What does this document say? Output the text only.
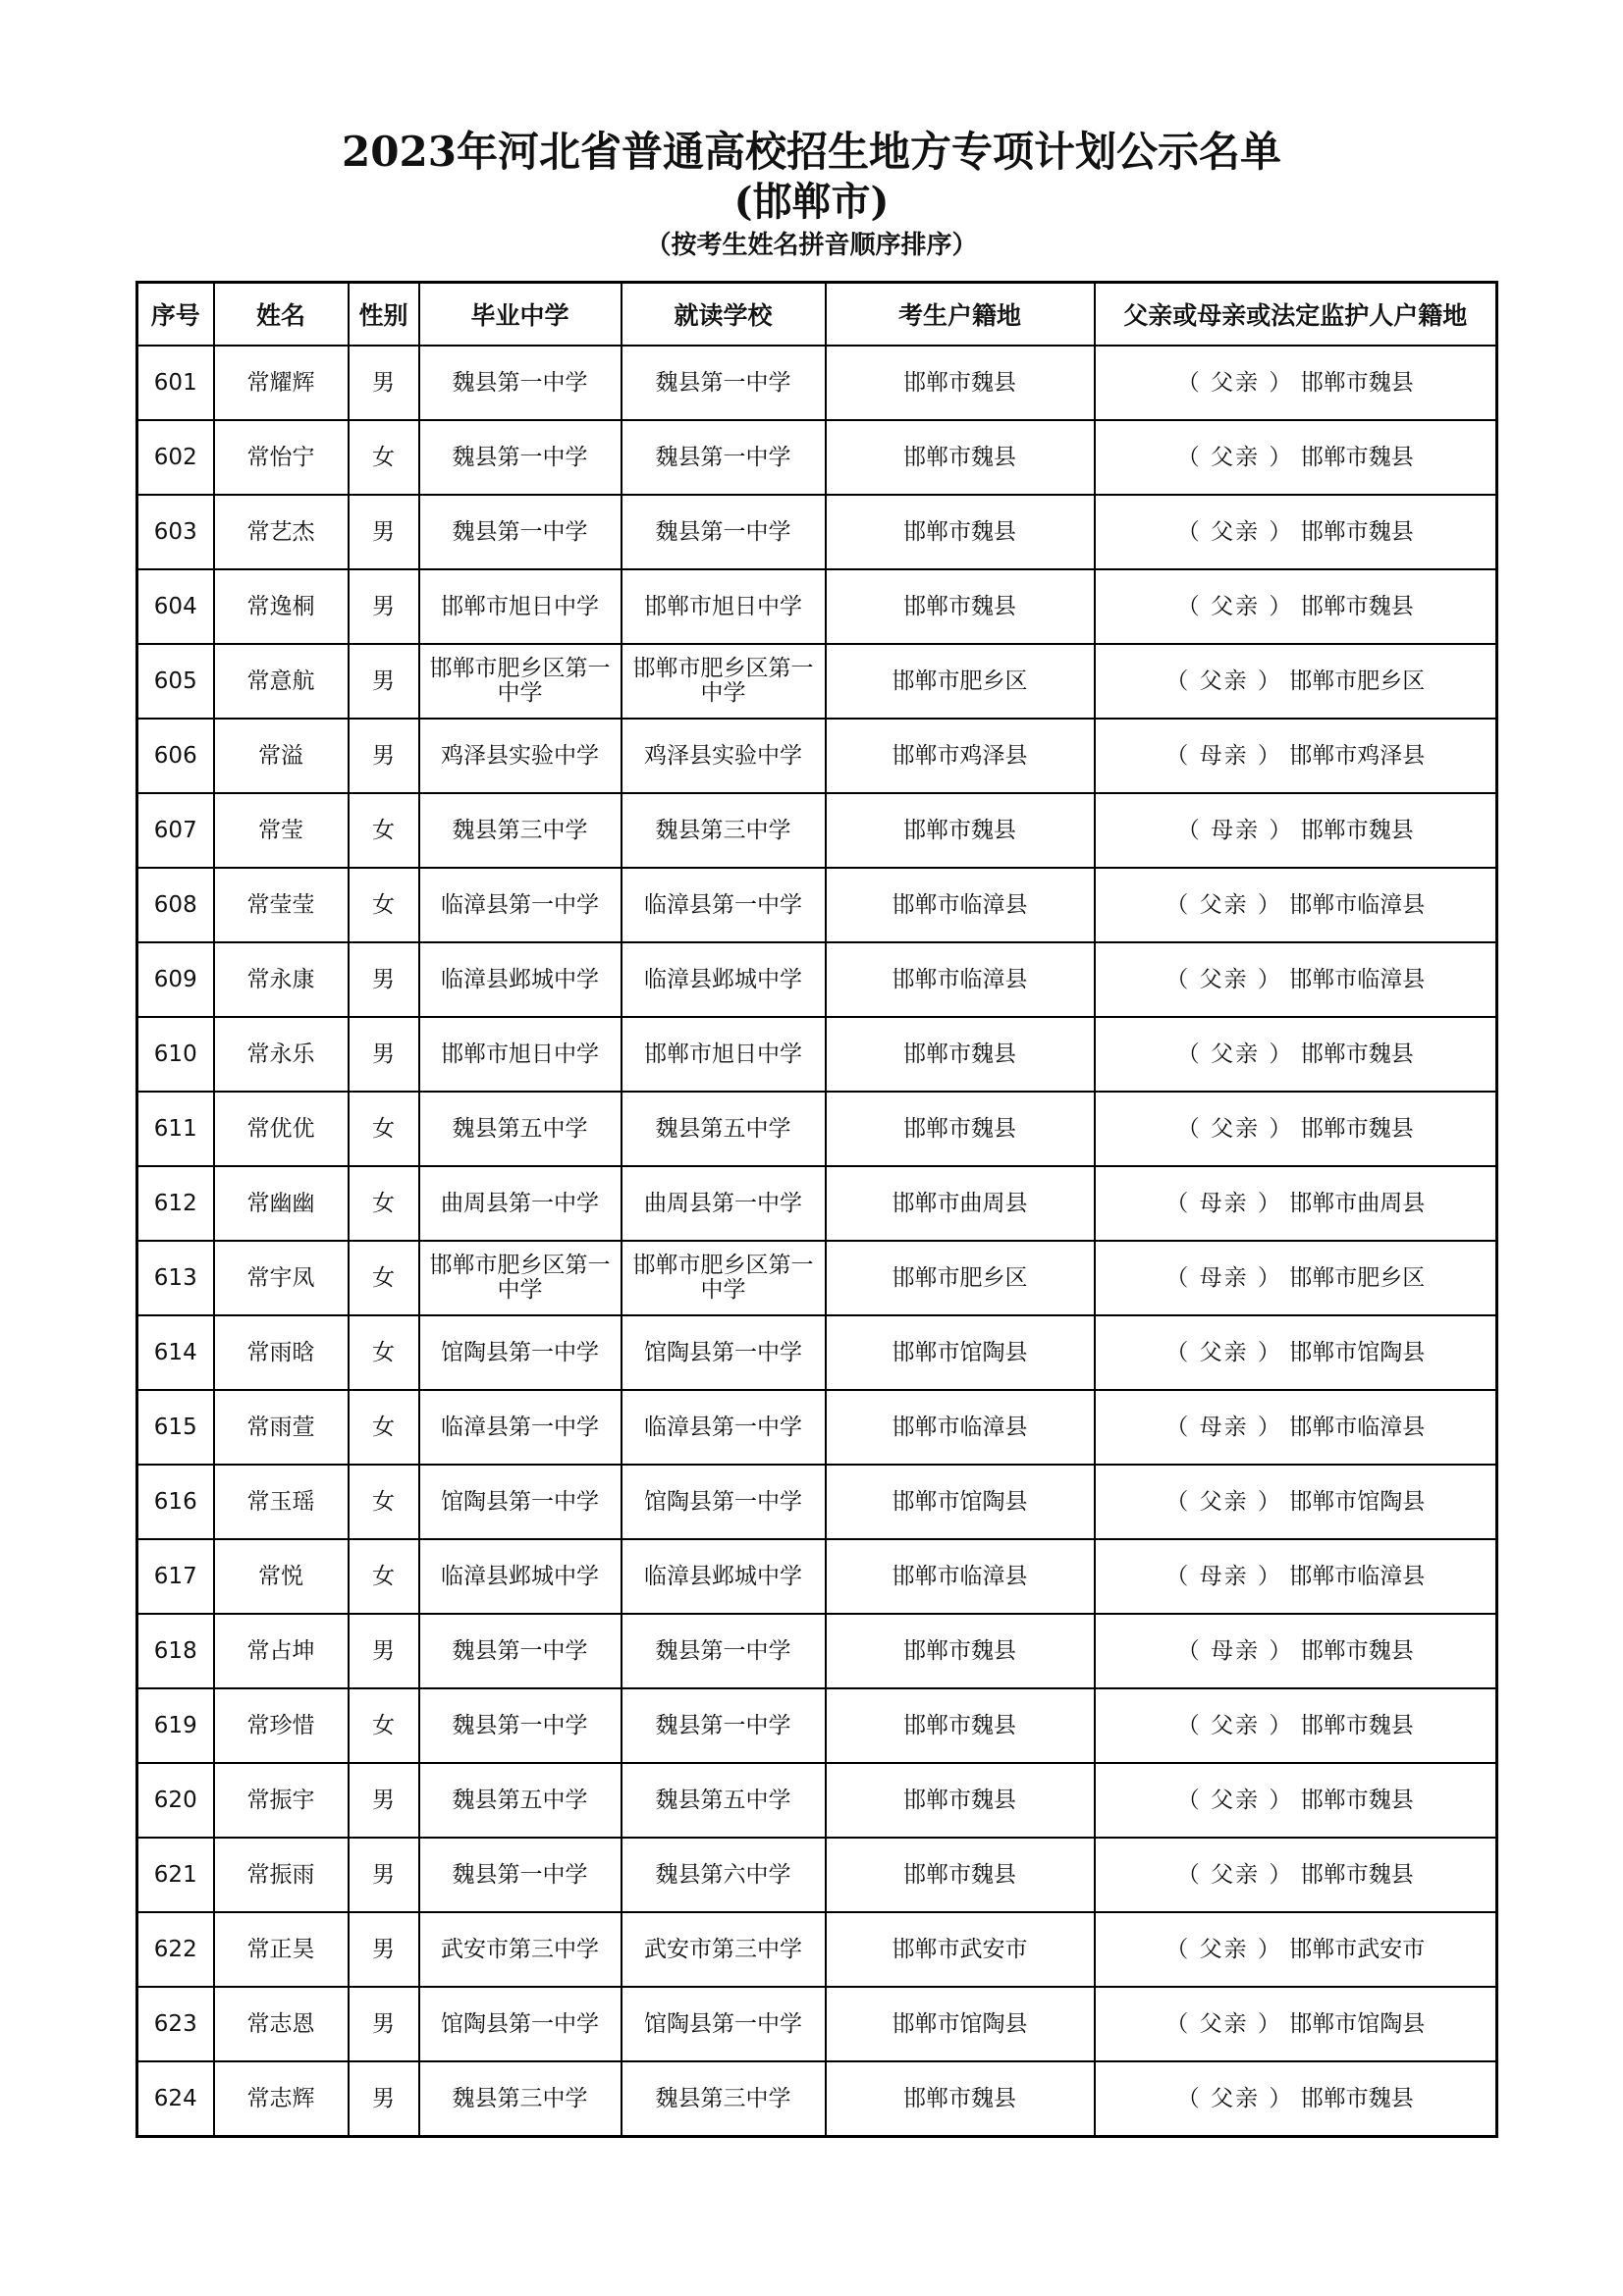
2023年河北省普通高校招生地方专项计划公示名单
(邯郸市)
（按考生姓名拼音顺序排序）
序号	姓名	性别	毕业中学	就读学校	考生户籍地	父亲或母亲或法定监护人户籍地
601	常耀辉	男	魏县第一中学	魏县第一中学	邯郸市魏县	（ 父亲 ） 邯郸市魏县
602	常怡宁	女	魏县第一中学	魏县第一中学	邯郸市魏县	（ 父亲 ） 邯郸市魏县
603	常艺杰	男	魏县第一中学	魏县第一中学	邯郸市魏县	（ 父亲 ） 邯郸市魏县
604	常逸桐	男	邯郸市旭日中学	邯郸市旭日中学	邯郸市魏县	（ 父亲 ） 邯郸市魏县
605	常意航	男	邯郸市肥乡区第一中学	邯郸市肥乡区第一中学	邯郸市肥乡区	（ 父亲 ） 邯郸市肥乡区
606	常溢	男	鸡泽县实验中学	鸡泽县实验中学	邯郸市鸡泽县	（ 母亲 ） 邯郸市鸡泽县
607	常莹	女	魏县第三中学	魏县第三中学	邯郸市魏县	（ 母亲 ） 邯郸市魏县
608	常莹莹	女	临漳县第一中学	临漳县第一中学	邯郸市临漳县	（ 父亲 ） 邯郸市临漳县
609	常永康	男	临漳县邺城中学	临漳县邺城中学	邯郸市临漳县	（ 父亲 ） 邯郸市临漳县
610	常永乐	男	邯郸市旭日中学	邯郸市旭日中学	邯郸市魏县	（ 父亲 ） 邯郸市魏县
611	常优优	女	魏县第五中学	魏县第五中学	邯郸市魏县	（ 父亲 ） 邯郸市魏县
612	常幽幽	女	曲周县第一中学	曲周县第一中学	邯郸市曲周县	（ 母亲 ） 邯郸市曲周县
613	常宇凤	女	邯郸市肥乡区第一中学	邯郸市肥乡区第一中学	邯郸市肥乡区	（ 母亲 ） 邯郸市肥乡区
614	常雨晗	女	馆陶县第一中学	馆陶县第一中学	邯郸市馆陶县	（ 父亲 ） 邯郸市馆陶县
615	常雨萱	女	临漳县第一中学	临漳县第一中学	邯郸市临漳县	（ 母亲 ） 邯郸市临漳县
616	常玉瑶	女	馆陶县第一中学	馆陶县第一中学	邯郸市馆陶县	（ 父亲 ） 邯郸市馆陶县
617	常悦	女	临漳县邺城中学	临漳县邺城中学	邯郸市临漳县	（ 母亲 ） 邯郸市临漳县
618	常占坤	男	魏县第一中学	魏县第一中学	邯郸市魏县	（ 母亲 ） 邯郸市魏县
619	常珍惜	女	魏县第一中学	魏县第一中学	邯郸市魏县	（ 父亲 ） 邯郸市魏县
620	常振宇	男	魏县第五中学	魏县第五中学	邯郸市魏县	（ 父亲 ） 邯郸市魏县
621	常振雨	男	魏县第一中学	魏县第六中学	邯郸市魏县	（ 父亲 ） 邯郸市魏县
622	常正昊	男	武安市第三中学	武安市第三中学	邯郸市武安市	（ 父亲 ） 邯郸市武安市
623	常志恩	男	馆陶县第一中学	馆陶县第一中学	邯郸市馆陶县	（ 父亲 ） 邯郸市馆陶县
624	常志辉	男	魏县第三中学	魏县第三中学	邯郸市魏县	（ 父亲 ） 邯郸市魏县
